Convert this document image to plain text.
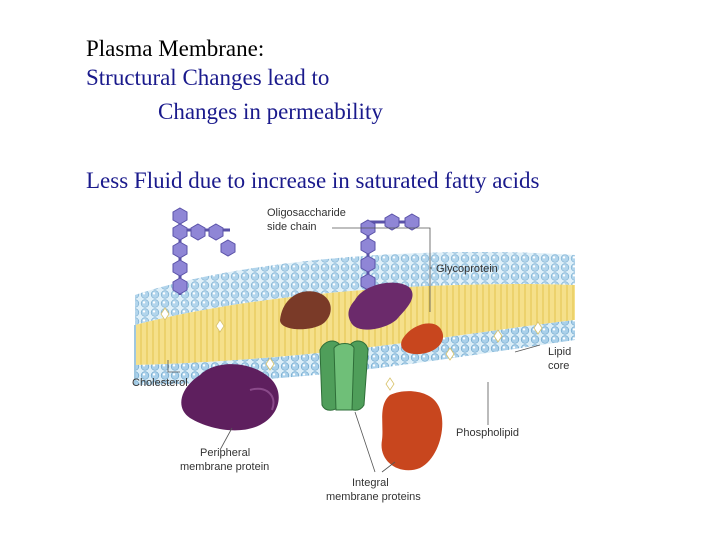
Plasma Membrane:
Structural Changes lead to
Changes in permeability
Less Fluid due to increase in saturated fatty acids
Oligosaccharide
side chain
Glycoprotein
Lipid
core
Cholesterol
Phospholipid
Peripheral
membrane protein
Integral
membrane proteins
